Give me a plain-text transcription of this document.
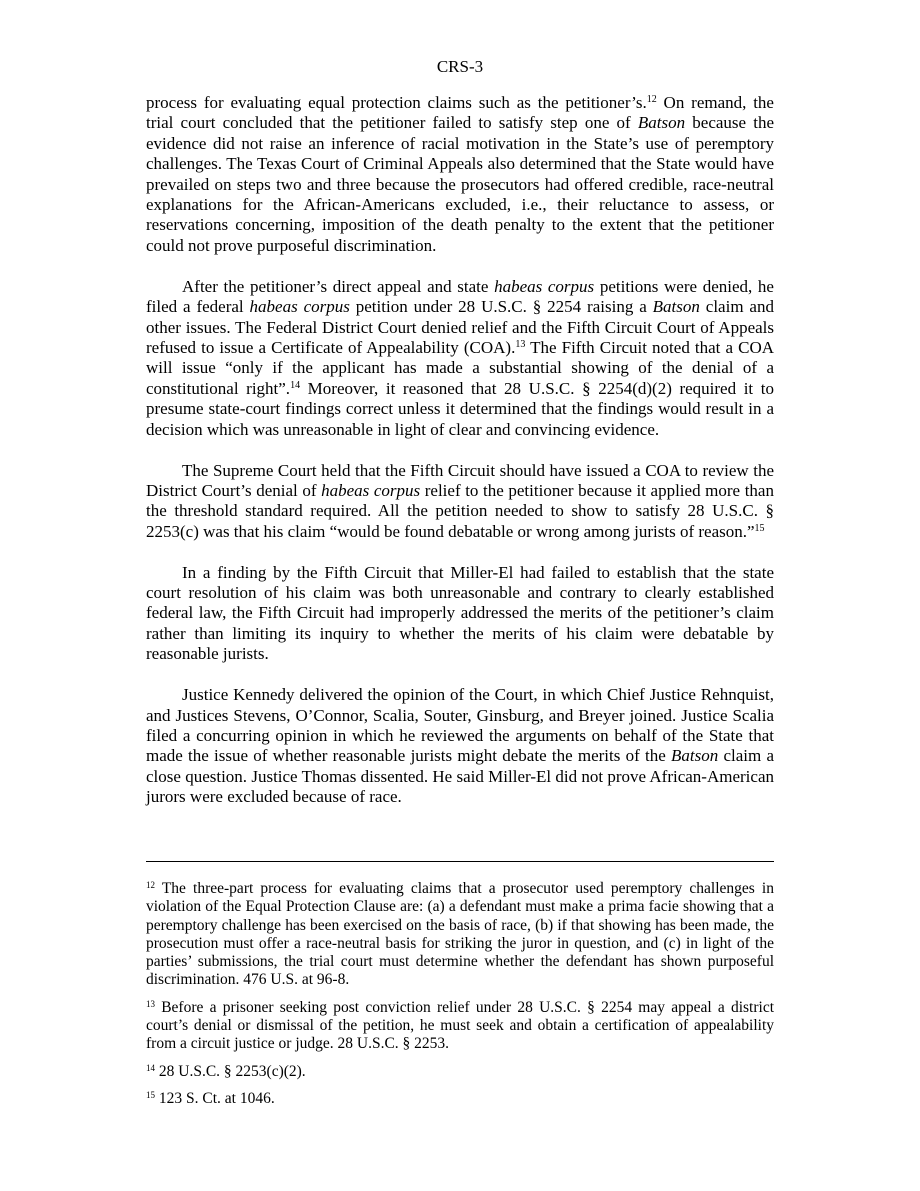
CRS-3

process for evaluating equal protection claims such as the petitioner’s.$^{12}$ On remand, the trial court concluded that the petitioner failed to satisfy step one of Batson because the evidence did not raise an inference of racial motivation in the State’s use of peremptory challenges. The Texas Court of Criminal Appeals also determined that the State would have prevailed on steps two and three because the prosecutors had offered credible, race-neutral explanations for the African-Americans excluded, i.e., their reluctance to assess, or reservations concerning, imposition of the death penalty to the extent that the petitioner could not prove purposeful discrimination.

After the petitioner’s direct appeal and state habeas corpus petitions were denied, he filed a federal habeas corpus petition under 28 U.S.C. § 2254 raising a Batson claim and other issues. The Federal District Court denied relief and the Fifth Circuit Court of Appeals refused to issue a Certificate of Appealability (COA).$^{13}$ The Fifth Circuit noted that a COA will issue “only if the applicant has made a substantial showing of the denial of a constitutional right”.$^{14}$ Moreover, it reasoned that 28 U.S.C. § 2254(d)(2) required it to presume state-court findings correct unless it determined that the findings would result in a decision which was unreasonable in light of clear and convincing evidence.

The Supreme Court held that the Fifth Circuit should have issued a COA to review the District Court’s denial of habeas corpus relief to the petitioner because it applied more than the threshold standard required. All the petition needed to show to satisfy 28 U.S.C. § 2253(c) was that his claim “would be found debatable or wrong among jurists of reason.”$^{15}$

In a finding by the Fifth Circuit that Miller-El had failed to establish that the state court resolution of his claim was both unreasonable and contrary to clearly established federal law, the Fifth Circuit had improperly addressed the merits of the petitioner’s claim rather than limiting its inquiry to whether the merits of his claim were debatable by reasonable jurists.

Justice Kennedy delivered the opinion of the Court, in which Chief Justice Rehnquist, and Justices Stevens, O’Connor, Scalia, Souter, Ginsburg, and Breyer joined. Justice Scalia filed a concurring opinion in which he reviewed the arguments on behalf of the State that made the issue of whether reasonable jurists might debate the merits of the Batson claim a close question. Justice Thomas dissented. He said Miller-El did not prove African-American jurors were excluded because of race.

$^{12}$ The three-part process for evaluating claims that a prosecutor used peremptory challenges in violation of the Equal Protection Clause are: (a) a defendant must make a prima facie showing that a peremptory challenge has been exercised on the basis of race, (b) if that showing has been made, the prosecution must offer a race-neutral basis for striking the juror in question, and (c) in light of the parties’ submissions, the trial court must determine whether the defendant has shown purposeful discrimination. 476 U.S. at 96-8.

$^{13}$ Before a prisoner seeking post conviction relief under 28 U.S.C. § 2254 may appeal a district court’s denial or dismissal of the petition, he must seek and obtain a certification of appealability from a circuit justice or judge. 28 U.S.C. § 2253.

$^{14}$ 28 U.S.C. § 2253(c)(2).

$^{15}$ 123 S. Ct. at 1046.
